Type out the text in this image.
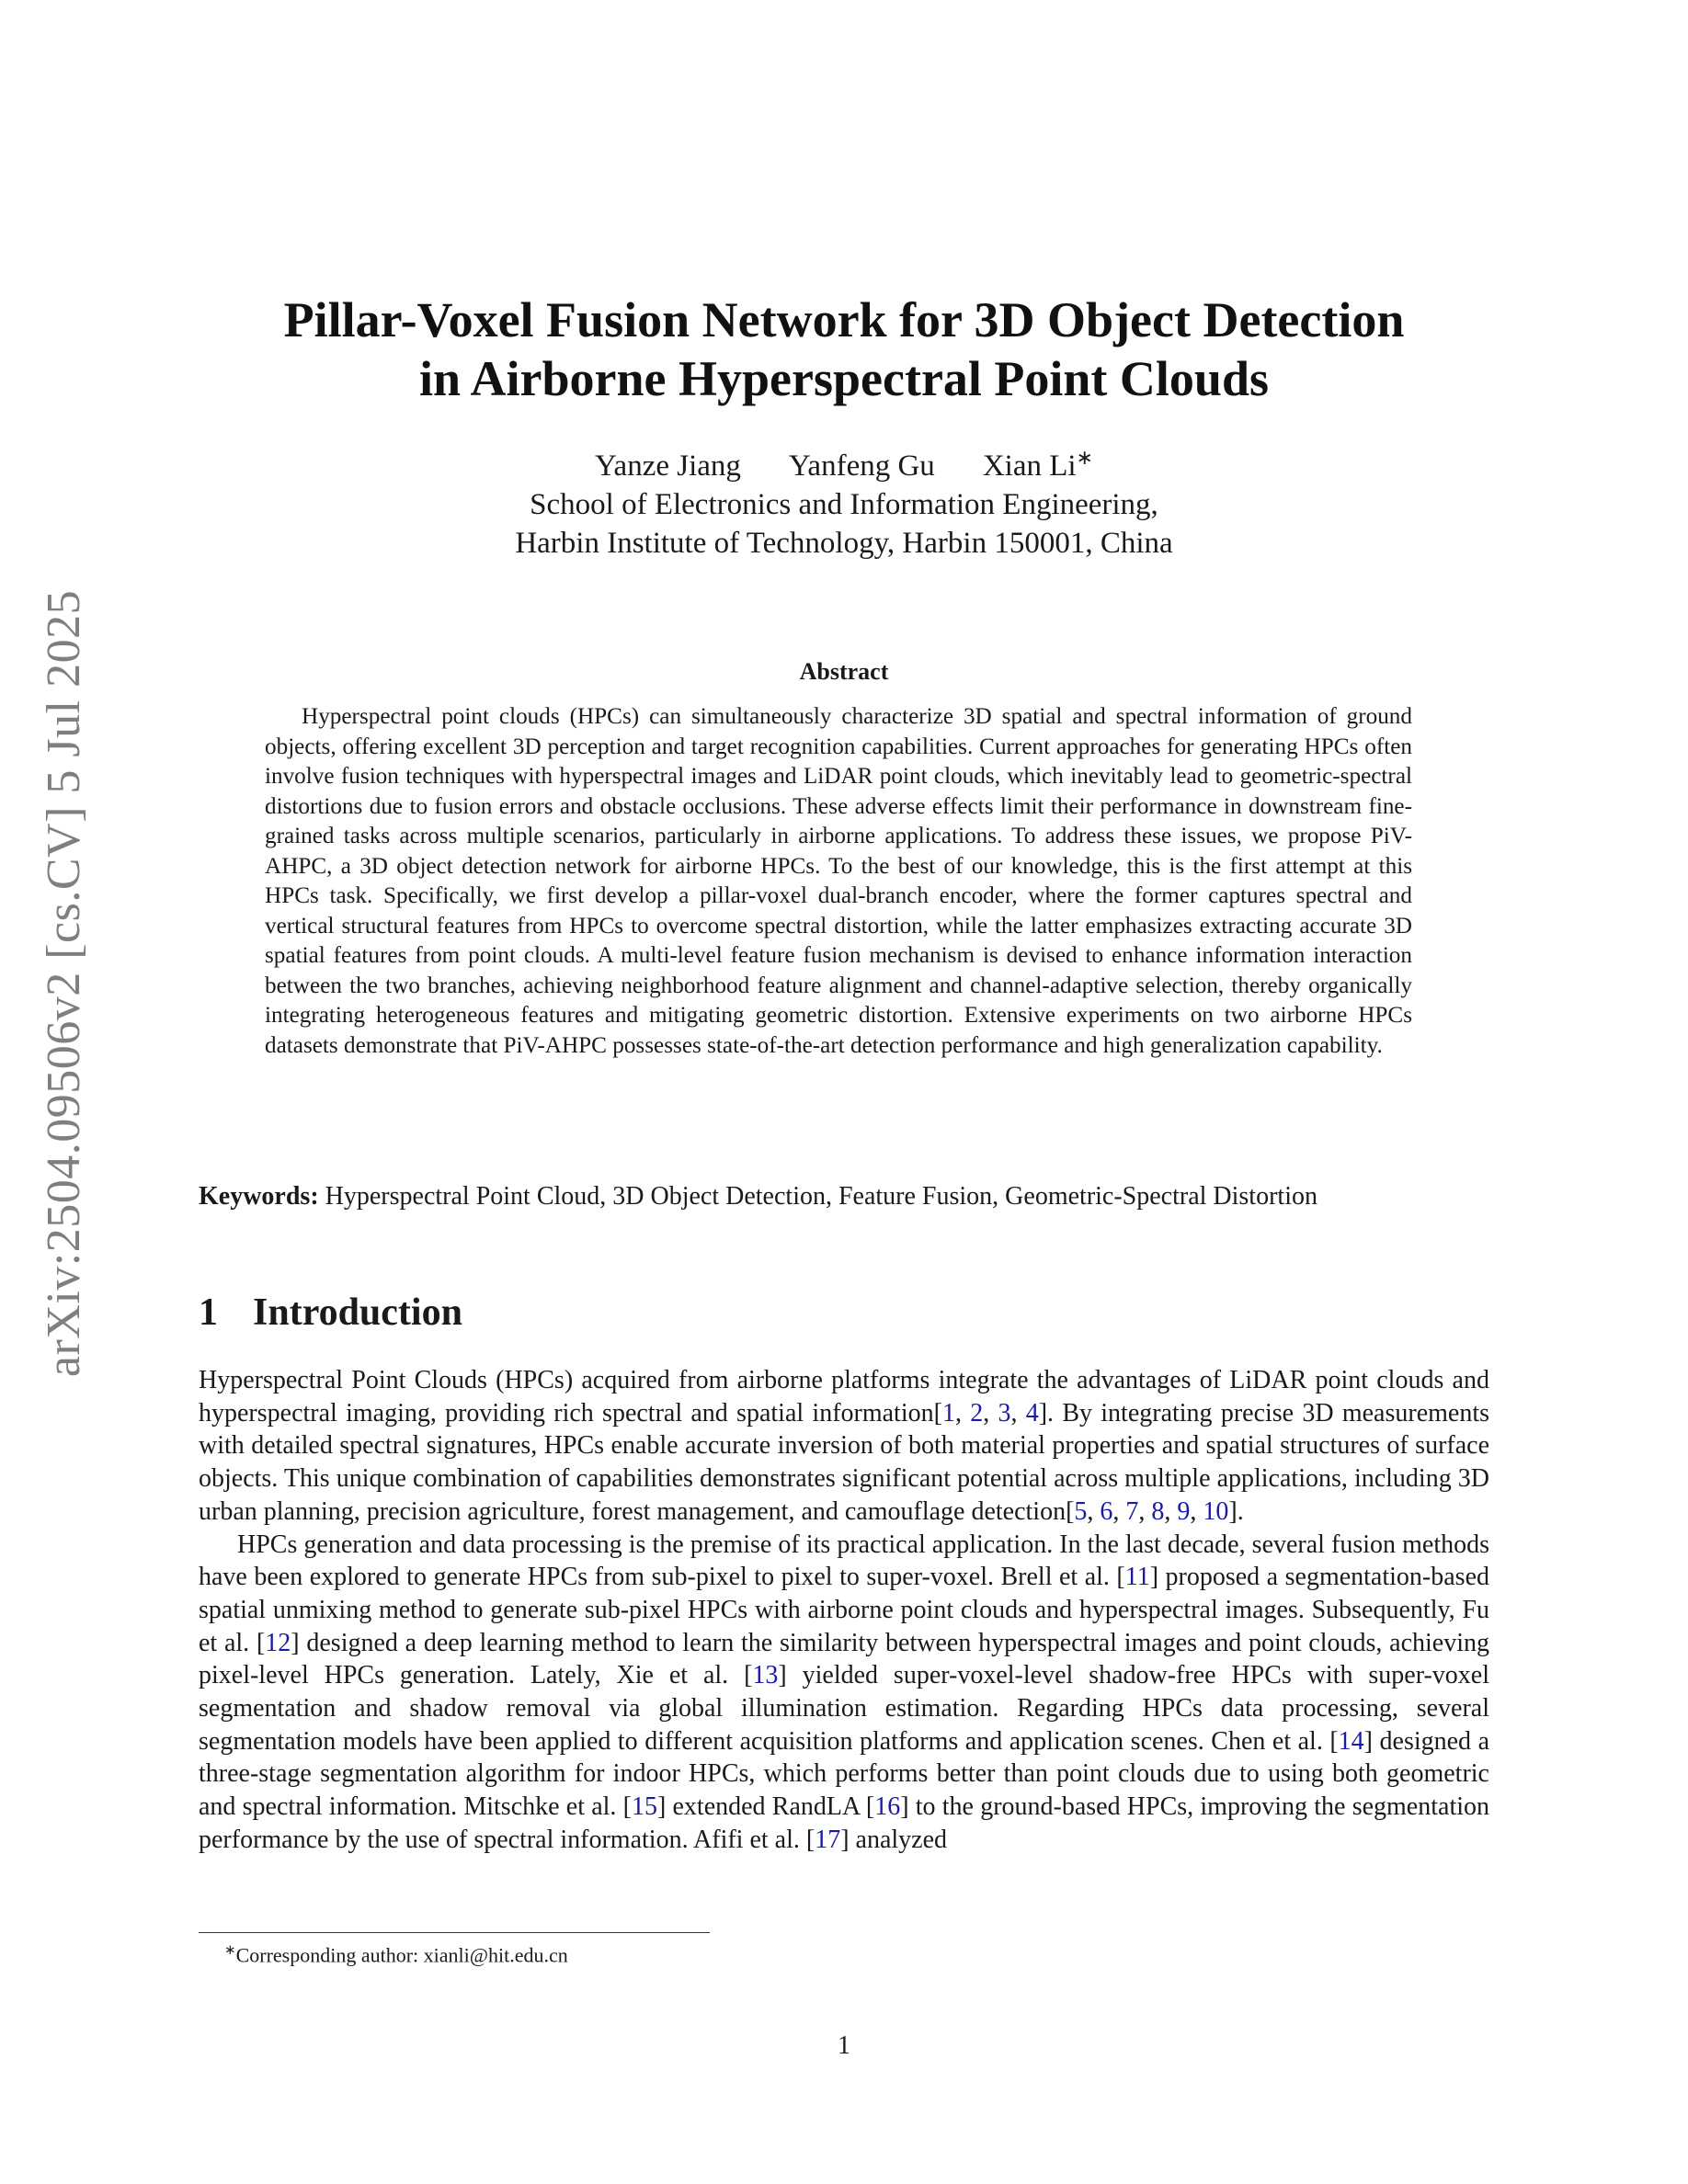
arXiv:2504.09506v2 [cs.CV] 5 Jul 2025
Pillar-Voxel Fusion Network for 3D Object Detection
in Airborne Hyperspectral Point Clouds
Yanze Jiang Yanfeng Gu Xian Li∗
School of Electronics and Information Engineering,
Harbin Institute of Technology, Harbin 150001, China
Abstract
Hyperspectral point clouds (HPCs) can simultaneously characterize 3D spatial and spectral information of ground objects, offering excellent 3D perception and target recognition capabilities. Current approaches for generating HPCs often involve fusion techniques with hyperspectral images and LiDAR point clouds, which inevitably lead to geometric-spectral distortions due to fusion errors and obstacle occlusions. These adverse effects limit their performance in downstream fine-grained tasks across multiple scenarios, particularly in airborne applications. To address these issues, we propose PiV-AHPC, a 3D object detection network for airborne HPCs. To the best of our knowledge, this is the first attempt at this HPCs task. Specifically, we first develop a pillar-voxel dual-branch encoder, where the former captures spectral and vertical structural features from HPCs to overcome spectral distortion, while the latter emphasizes extracting accurate 3D spatial features from point clouds. A multi-level feature fusion mechanism is devised to enhance information interaction between the two branches, achieving neighborhood feature alignment and channel-adaptive selection, thereby organically integrating heterogeneous features and mitigating geometric distortion. Extensive experiments on two airborne HPCs datasets demonstrate that PiV-AHPC possesses state-of-the-art detection performance and high generalization capability.
Keywords: Hyperspectral Point Cloud, 3D Object Detection, Feature Fusion, Geometric-Spectral Distortion
1 Introduction

Hyperspectral Point Clouds (HPCs) acquired from airborne platforms integrate the advantages of LiDAR point clouds and hyperspectral imaging, providing rich spectral and spatial information[1, 2, 3, 4]. By integrating precise 3D measurements with detailed spectral signatures, HPCs enable accurate inversion of both material properties and spatial structures of surface objects. This unique combination of capabilities demonstrates significant potential across multiple applications, including 3D urban planning, precision agriculture, forest management, and camouflage detection[5, 6, 7, 8, 9, 10].

HPCs generation and data processing is the premise of its practical application. In the last decade, several fusion methods have been explored to generate HPCs from sub-pixel to pixel to super-voxel. Brell et al. [11] proposed a segmentation-based spatial unmixing method to generate sub-pixel HPCs with airborne point clouds and hyperspectral images. Subsequently, Fu et al. [12] designed a deep learning method to learn the similarity between hyperspectral images and point clouds, achieving pixel-level HPCs generation. Lately, Xie et al. [13] yielded super-voxel-level shadow-free HPCs with super-voxel segmentation and shadow removal via global illumination estimation. Regarding HPCs data processing, several segmentation models have been applied to different acquisition platforms and application scenes. Chen et al. [14] designed a three-stage segmentation algorithm for indoor HPCs, which performs better than point clouds due to using both geometric and spectral information. Mitschke et al. [15] extended RandLA [16] to the ground-based HPCs, improving the segmentation performance by the use of spectral information. Afifi et al. [17] analyzed

∗Corresponding author: xianli@hit.edu.cn
1
